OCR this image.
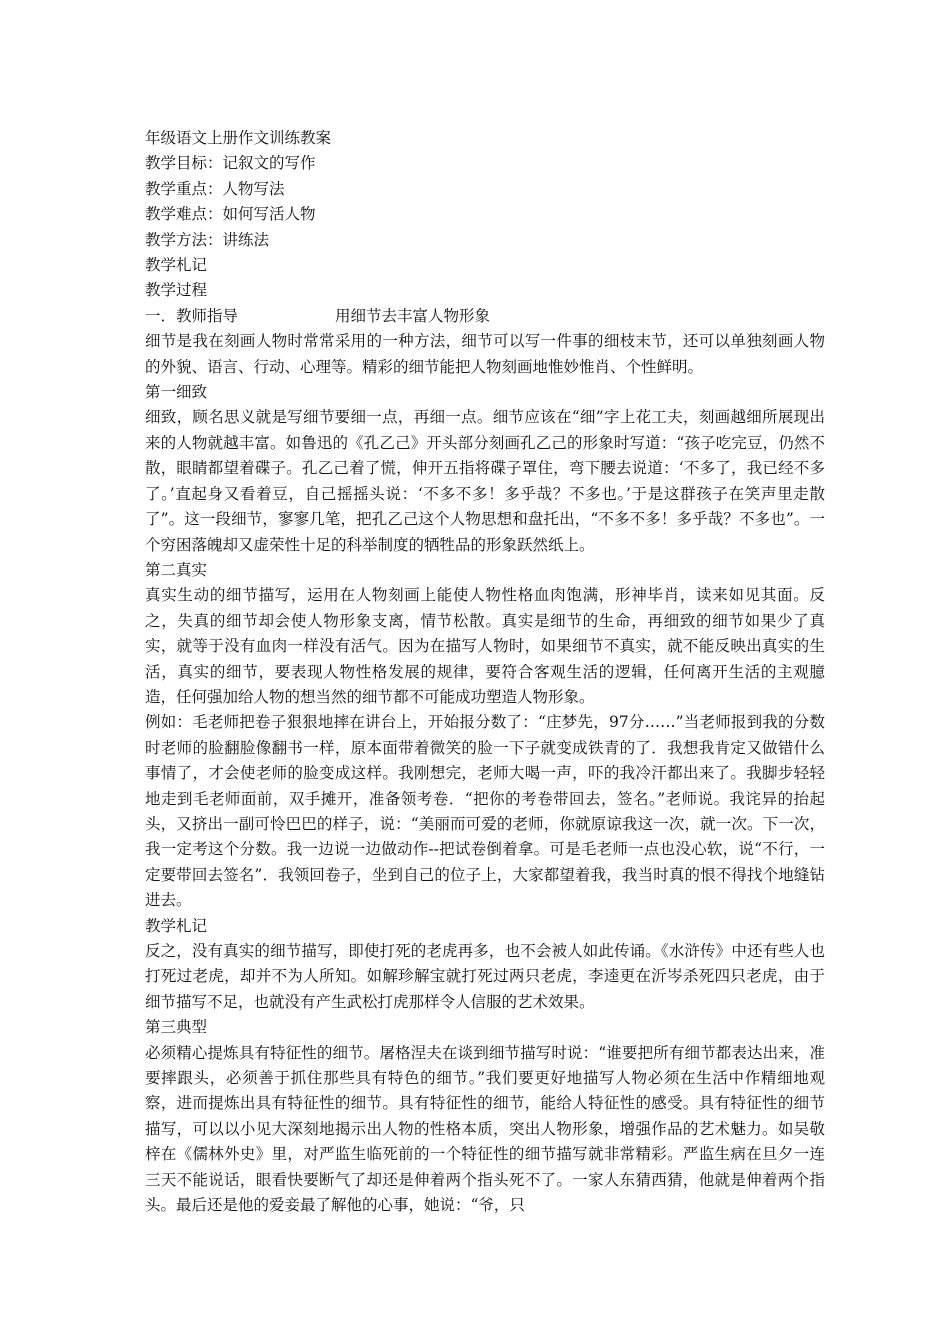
年级语文上册作文训练教案
教学目标：记叙文的写作
教学重点：人物写法
教学难点：如何写活人物
教学方法：讲练法
教学札记
教学过程
一．教师指导	用细节去丰富人物形象
细节是我在刻画人物时常常采用的一种方法，细节可以写一件事的细枝末节，还可以单独刻画人物的外貌、语言、行动、心理等。精彩的细节能把人物刻画地惟妙惟肖、个性鲜明。
第一细致
细致，顾名思义就是写细节要细一点，再细一点。细节应该在“细”字上花工夫，刻画越细所展现出来的人物就越丰富。如鲁迅的《孔乙己》开头部分刻画孔乙己的形象时写道：“孩子吃完豆，仍然不散，眼睛都望着碟子。孔乙己着了慌，伸开五指将碟子罩住，弯下腰去说道：‘不多了，我已经不多了。’直起身又看着豆，自己摇摇头说：‘不多不多！多乎哉？不多也。’于是这群孩子在笑声里走散了”。这一段细节，寥寥几笔，把孔乙己这个人物思想和盘托出，“不多不多！多乎哉？不多也”。一个穷困落魄却又虚荣性十足的科举制度的牺牲品的形象跃然纸上。
第二真实
真实生动的细节描写，运用在人物刻画上能使人物性格血肉饱满，形神毕肖，读来如见其面。反之，失真的细节却会使人物形象支离，情节松散。真实是细节的生命，再细致的细节如果少了真实，就等于没有血肉一样没有活气。因为在描写人物时，如果细节不真实，就不能反映出真实的生活，真实的细节，要表现人物性格发展的规律，要符合客观生活的逻辑，任何离开生活的主观臆造，任何强加给人物的想当然的细节都不可能成功塑造人物形象。
例如：毛老师把卷子狠狠地摔在讲台上，开始报分数了：“庄梦先，97分……”当老师报到我的分数时老师的脸翻脸像翻书一样，原本面带着微笑的脸一下子就变成铁青的了．我想我肯定又做错什么事情了，才会使老师的脸变成这样。我刚想完，老师大喝一声，吓的我冷汗都出来了。我脚步轻轻地走到毛老师面前，双手摊开，准备领考卷．“把你的考卷带回去，签名。”老师说。我诧异的抬起头，又挤出一副可怜巴巴的样子，说：“美丽而可爱的老师，你就原谅我这一次，就一次。下一次，我一定考这个分数。我一边说一边做动作--把试卷倒着拿。可是毛老师一点也没心软，说“不行，一定要带回去签名”．我领回卷子，坐到自己的位子上，大家都望着我，我当时真的恨不得找个地缝钻进去。
教学札记
反之，没有真实的细节描写，即使打死的老虎再多，也不会被人如此传诵。《水浒传》中还有些人也打死过老虎，却并不为人所知。如解珍解宝就打死过两只老虎，李逵更在沂岑杀死四只老虎，由于细节描写不足，也就没有产生武松打虎那样令人信服的艺术效果。
第三典型
必须精心提炼具有特征性的细节。屠格涅夫在谈到细节描写时说：“谁要把所有细节都表达出来，准要摔跟头，必须善于抓住那些具有特色的细节。”我们要更好地描写人物必须在生活中作精细地观察，进而提炼出具有特征性的细节。具有特征性的细节，能给人特征性的感受。具有特征性的细节描写，可以以小见大深刻地揭示出人物的性格本质，突出人物形象，增强作品的艺术魅力。如吴敬梓在《儒林外史》里，对严监生临死前的一个特征性的细节描写就非常精彩。严监生病在旦夕一连三天不能说话，眼看快要断气了却还是伸着两个指头死不了。一家人东猜西猜，他就是伸着两个指头。最后还是他的爱妾最了解他的心事，她说：“爷，只
